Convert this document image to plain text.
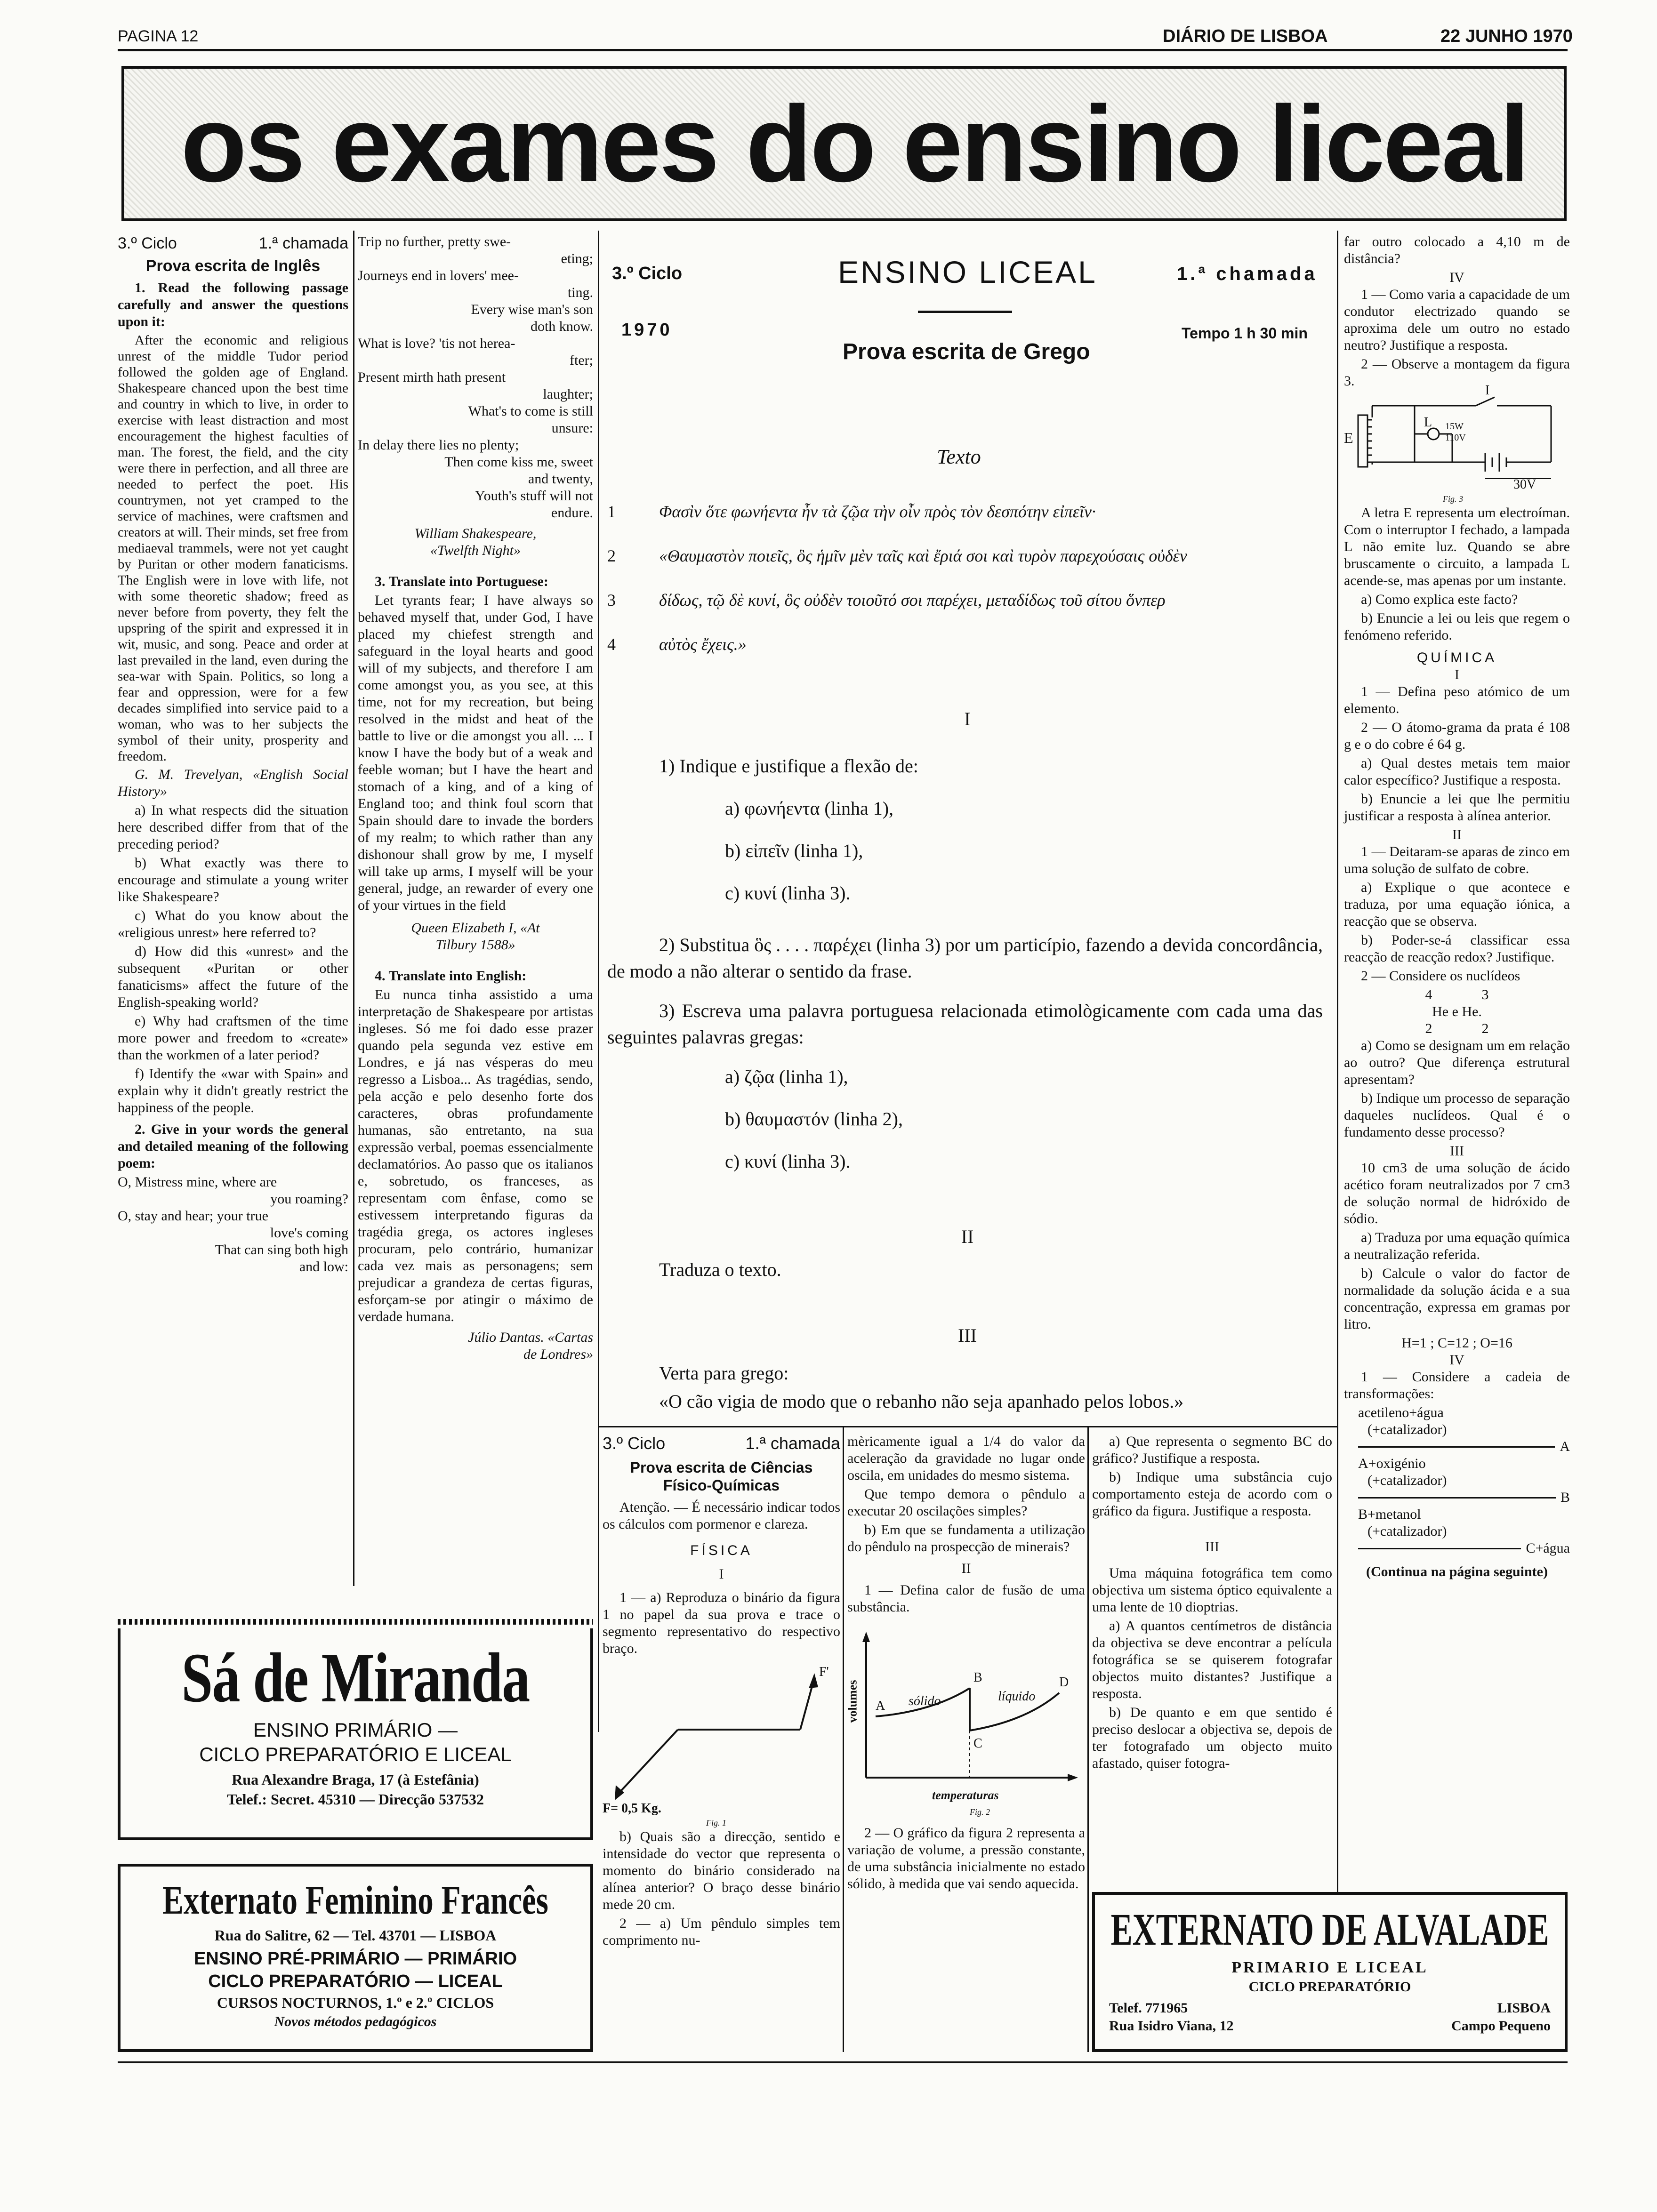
PAGINA 12	DIÁRIO DE LISBOA	22 JUNHO 1970
os exames do ensino liceal
3.º Ciclo	1.ª chamada
Prova escrita de Inglês

1. Read the following passage carefully and answer the questions upon it:

After the economic and religious unrest of the middle Tudor period followed the golden age of England. Shakespeare chanced upon the best time and country in which to live, in order to exercise with least distraction and most encouragement the highest faculties of man. The forest, the field, and the city were there in perfection, and all three are needed to perfect the poet. His countrymen, not yet cramped to the service of machines, were craftsmen and creators at will. Their minds, set free from mediaeval trammels, were not yet caught by Puritan or other modern fanaticisms. The English were in love with life, not with some theoretic shadow; freed as never before from poverty, they felt the upspring of the spirit and expressed it in wit, music, and song. Peace and order at last prevailed in the land, even during the sea-war with Spain. Politics, so long a fear and oppression, were for a few decades simplified into service paid to a woman, who was to her subjects the symbol of their unity, prosperity and freedom.

G. M. Trevelyan, «English Social History»

a) In what respects did the situation here described differ from that of the preceding period?

b) What exactly was there to encourage and stimulate a young writer like Shakespeare?

c) What do you know about the «religious unrest» here referred to?

d) How did this «unrest» and the subsequent «Puritan or other fanaticisms» affect the future of the English-speaking world?

e) Why had craftsmen of the time more power and freedom to «create» than the workmen of a later period?

f) Identify the «war with Spain» and explain why it didn't greatly restrict the happiness of the people.

2. Give in your words the general and detailed meaning of the following poem:

O, Mistress mine, where are
you roaming?
O, stay and hear; your true
love's coming
That can sing both high
and low:
Trip no further, pretty swe-
eting;
Journeys end in lovers' mee-
ting.
Every wise man's son
doth know.
What is love? 'tis not herea-
fter;
Present mirth hath present
laughter;
What's to come is still
unsure:
In delay there lies no plenty;
Then come kiss me, sweet
and twenty,
Youth's stuff will not
endure.
William Shakespeare,
«Twelfth Night»

3. Translate into Portuguese:

Let tyrants fear; I have always so behaved myself that, under God, I have placed my chiefest strength and safeguard in the loyal hearts and good will of my subjects, and therefore I am come amongst you, as you see, at this time, not for my recreation, but being resolved in the midst and heat of the battle to live or die amongst you all. ... I know I have the body but of a weak and feeble woman; but I have the heart and stomach of a king, and of a king of England too; and think foul scorn that Spain should dare to invade the borders of my realm; to which rather than any dishonour shall grow by me, I myself will take up arms, I myself will be your general, judge, an rewarder of every one of your virtues in the field

Queen Elizabeth I, «At
Tilbury 1588»

4. Translate into English:

Eu nunca tinha assistido a uma interpretação de Shakespeare por artistas ingleses. Só me foi dado esse prazer quando pela segunda vez estive em Londres, e já nas vésperas do meu regresso a Lisboa... As tragédias, sendo, pela acção e pelo desenho forte dos caracteres, obras profundamente humanas, são entretanto, na sua expressão verbal, poemas essencialmente declamatórios. Ao passo que os italianos e, sobretudo, os franceses, as representam com ênfase, como se estivessem interpretando figuras da tragédia grega, os actores ingleses procuram, pelo contrário, humanizar cada vez mais as personagens; sem prejudicar a grandeza de certas figuras, esforçam-se por atingir o máximo de verdade humana.

Júlio Dantas. «Cartas
de Londres»
3.º Ciclo	ENSINO LICEAL	1.ª chamada
1970	Tempo 1 h 30 min
Prova escrita de Grego
Texto
1	Φασὶν ὅτε φωνήεντα ἦν τὰ ζῷα τὴν οἶν πρὸς τὸν δεσπότην εἰπεῖν·
2	«Θαυμαστὸν ποιεῖς, ὃς ἡμῖν μὲν ταῖς καὶ ἔριά σοι καὶ τυρὸν παρεχούσαις οὐδὲν
3	δίδως, τῷ δὲ κυνί, ὃς οὐδὲν τοιοῦτό σοι παρέχει, μεταδίδως τοῦ σίτου ὅνπερ
4	αὐτὸς ἔχεις.»
I
1) Indique e justifique a flexão de:
a) φωνήεντα (linha 1),
b) εἰπεῖν (linha 1),
c) κυνί (linha 3).
2) Substitua ὃς . . . . παρέχει (linha 3) por um particípio, fazendo a devida concordância, de modo a não alterar o sentido da frase.
3) Escreva uma palavra portuguesa relacionada etimològicamente com cada uma das seguintes palavras gregas:
a) ζῷα (linha 1),
b) θαυμαστόν (linha 2),
c) κυνί (linha 3).
II
Traduza o texto.
III
Verta para grego:
«O cão vigia de modo que o rebanho não seja apanhado pelos lobos.»
3.º Ciclo	1.ª chamada
Prova escrita de Ciências Físico-Químicas

Atenção. — É necessário indicar todos os cálculos com pormenor e clareza.

FÍSICA
I

1 — a) Reproduza o binário da figura 1 no papel da sua prova e trace o segmento representativo do respectivo braço.

F'
F= 0,5 Kg.
Fig. 1

b) Quais são a direcção, sentido e intensidade do vector que representa o momento do binário considerado na alínea anterior? O braço desse binário mede 20 cm.

2 — a) Um pêndulo simples tem comprimento nu-

mèricamente igual a 1/4 do valor da aceleração da gravidade no lugar onde oscila, em unidades do mesmo sistema.

Que tempo demora o pêndulo a executar 20 oscilações simples?

b) Em que se fundamenta a utilização do pêndulo na prospecção de minerais?

II

1 — Defina calor de fusão de uma substância.

volumes A sólido
B
líquido
D
C
temperaturas
Fig. 2

2 — O gráfico da figura 2 representa a variação de volume, a pressão constante, de uma substância inicialmente no estado sólido, à medida que vai sendo aquecida.

a) Que representa o segmento BC do gráfico? Justifique a resposta.

b) Indique uma substância cujo comportamento esteja de acordo com o gráfico da figura. Justifique a resposta.

III

Uma máquina fotográfica tem como objectiva um sistema óptico equivalente a uma lente de 10 dioptrias.

a) A quantos centímetros de distância da objectiva se deve encontrar a película fotográfica se se quiserem fotografar objectos muito distantes? Justifique a resposta.

b) De quanto e em que sentido é preciso deslocar a objectiva se, depois de ter fotografado um objecto muito afastado, quiser fotogra-

far outro colocado a 4,10 m de distância?

IV

1 — Como varia a capacidade de um condutor electrizado quando se aproxima dele um outro no estado neutro? Justifique a resposta.

2 — Observe a montagem da figura 3.

I
E
L 15W
110V
30V
Fig. 3

A letra E representa um electroíman. Com o interruptor I fechado, a lampada L não emite luz. Quando se abre bruscamente o circuito, a lampada L acende-se, mas apenas por um instante.

a) Como explica este facto?

b) Enuncie a lei ou leis que regem o fenómeno referido.

QUÍMICA
I

1 — Defina peso atómico de um elemento.

2 — O átomo-grama da prata é 108 g e o do cobre é 64 g.

a) Qual destes metais tem maior calor específico? Justifique a resposta.

b) Enuncie a lei que lhe permitiu justificar a resposta à alínea anterior.

II

1 — Deitaram-se aparas de zinco em uma solução de sulfato de cobre.

a) Explique o que acontece e traduza, por uma equação iónica, a reacção que se observa.

b) Poder-se-á classificar essa reacção de reacção redox? Justifique.

2 — Considere os nuclídeos

4              3
He e He.
2              2

a) Como se designam um em relação ao outro? Que diferença estrutural apresentam?

b) Indique um processo de separação daqueles nuclídeos. Qual é o fundamento desse processo?

III

10 cm3 de uma solução de ácido acético foram neutralizados por 7 cm3 de solução normal de hidróxido de sódio.

a) Traduza por uma equação química a neutralização referida.

b) Calcule o valor do factor de normalidade da solução ácida e a sua concentração, expressa em gramas por litro.

H=1 ; C=12 ; O=16
IV

1 — Considere a cadeia de transformações:

acetileno+água
(+catalizador)
A
A+oxigénio
(+catalizador)
B
B+metanol
(+catalizador)
C+água
(Continua na página seguinte)
Sá de Miranda
ENSINO PRIMÁRIO —
CICLO PREPARATÓRIO E LICEAL
Rua Alexandre Braga, 17 (à Estefânia)
Telef.: Secret. 45310 — Direcção 537532
Externato Feminino Francês
Rua do Salitre, 62 — Tel. 43701 — LISBOA
ENSINO PRÉ-PRIMÁRIO — PRIMÁRIO
CICLO PREPARATÓRIO — LICEAL
CURSOS NOCTURNOS, 1.º e 2.º CICLOS
Novos métodos pedagógicos
EXTERNATO DE ALVALADE
PRIMARIO E LICEAL
CICLO PREPARATÓRIO
Telef. 771965	LISBOA
Rua Isidro Viana, 12	Campo Pequeno
